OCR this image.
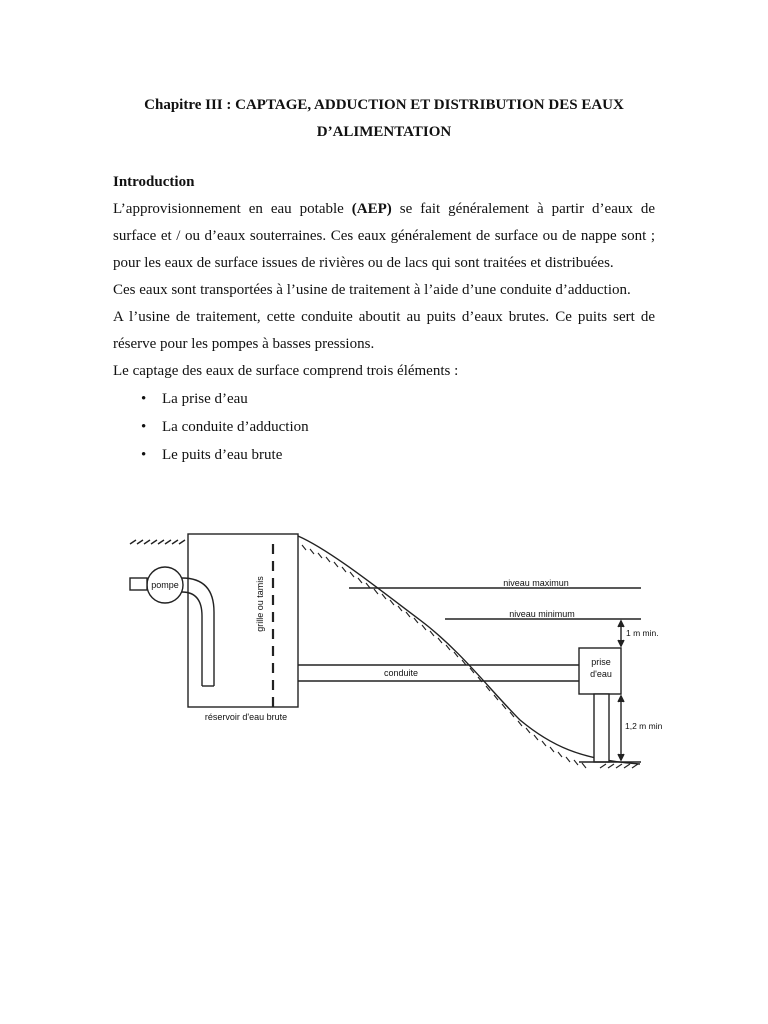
Chapitre III : CAPTAGE, ADDUCTION ET DISTRIBUTION DES EAUX
D’ALIMENTATION
Introduction
L’approvisionnement en eau potable (AEP) se fait généralement à partir d’eaux de
surface et / ou d’eaux souterraines. Ces eaux généralement de surface ou de nappe sont ;
pour les eaux de surface issues de rivières ou de lacs qui sont traitées et distribuées.
Ces eaux sont transportées à l’usine de traitement à l’aide d’une conduite d’adduction.
A l’usine de traitement, cette conduite aboutit au puits d’eaux brutes. Ce puits sert de
réserve pour les pompes à basses pressions.
Le captage des eaux de surface comprend trois éléments :
• La prise d’eau
• La conduite d’adduction
• Le puits d’eau brute
pompe	grille ou tamis
réservoir d'eau brute
conduite
niveau maximun
niveau minimum
prise
d'eau
1 m min.
1,2 m min
